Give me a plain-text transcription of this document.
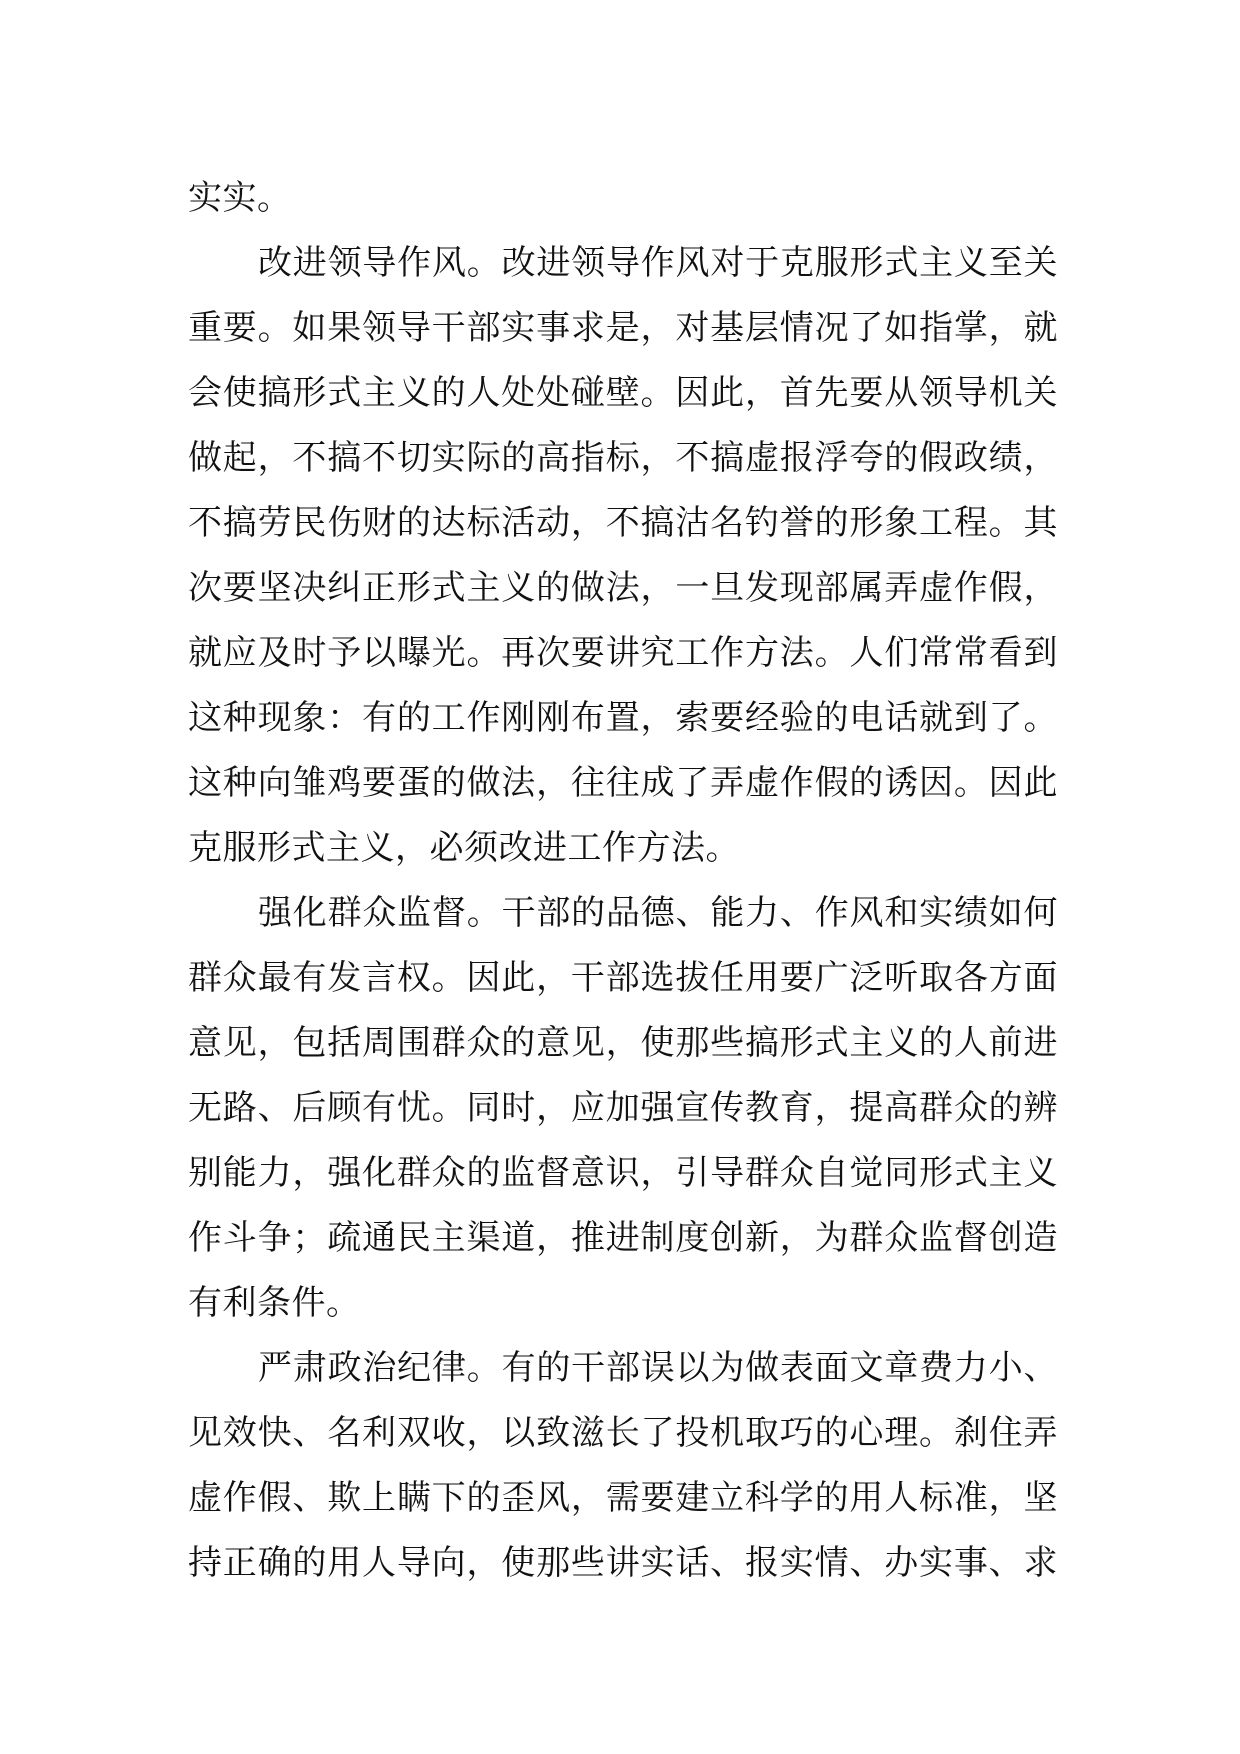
实实。
改进领导作风。改进领导作风对于克服形式主义至关
重要。如果领导干部实事求是，对基层情况了如指掌，就
会使搞形式主义的人处处碰壁。因此，首先要从领导机关
做起，不搞不切实际的高指标，不搞虚报浮夸的假政绩，
不搞劳民伤财的达标活动，不搞沽名钓誉的形象工程。其
次要坚决纠正形式主义的做法，一旦发现部属弄虚作假，
就应及时予以曝光。再次要讲究工作方法。人们常常看到
这种现象：有的工作刚刚布置，索要经验的电话就到了。
这种向雏鸡要蛋的做法，往往成了弄虚作假的诱因。因此
克服形式主义，必须改进工作方法。
强化群众监督。干部的品德、能力、作风和实绩如何
群众最有发言权。因此，干部选拔任用要广泛听取各方面
意见，包括周围群众的意见，使那些搞形式主义的人前进
无路、后顾有忧。同时，应加强宣传教育，提高群众的辨
别能力，强化群众的监督意识，引导群众自觉同形式主义
作斗争；疏通民主渠道，推进制度创新，为群众监督创造
有利条件。
严肃政治纪律。有的干部误以为做表面文章费力小、
见效快、名利双收，以致滋长了投机取巧的心理。刹住弄
虚作假、欺上瞒下的歪风，需要建立科学的用人标准，坚
持正确的用人导向，使那些讲实话、报实情、办实事、求
